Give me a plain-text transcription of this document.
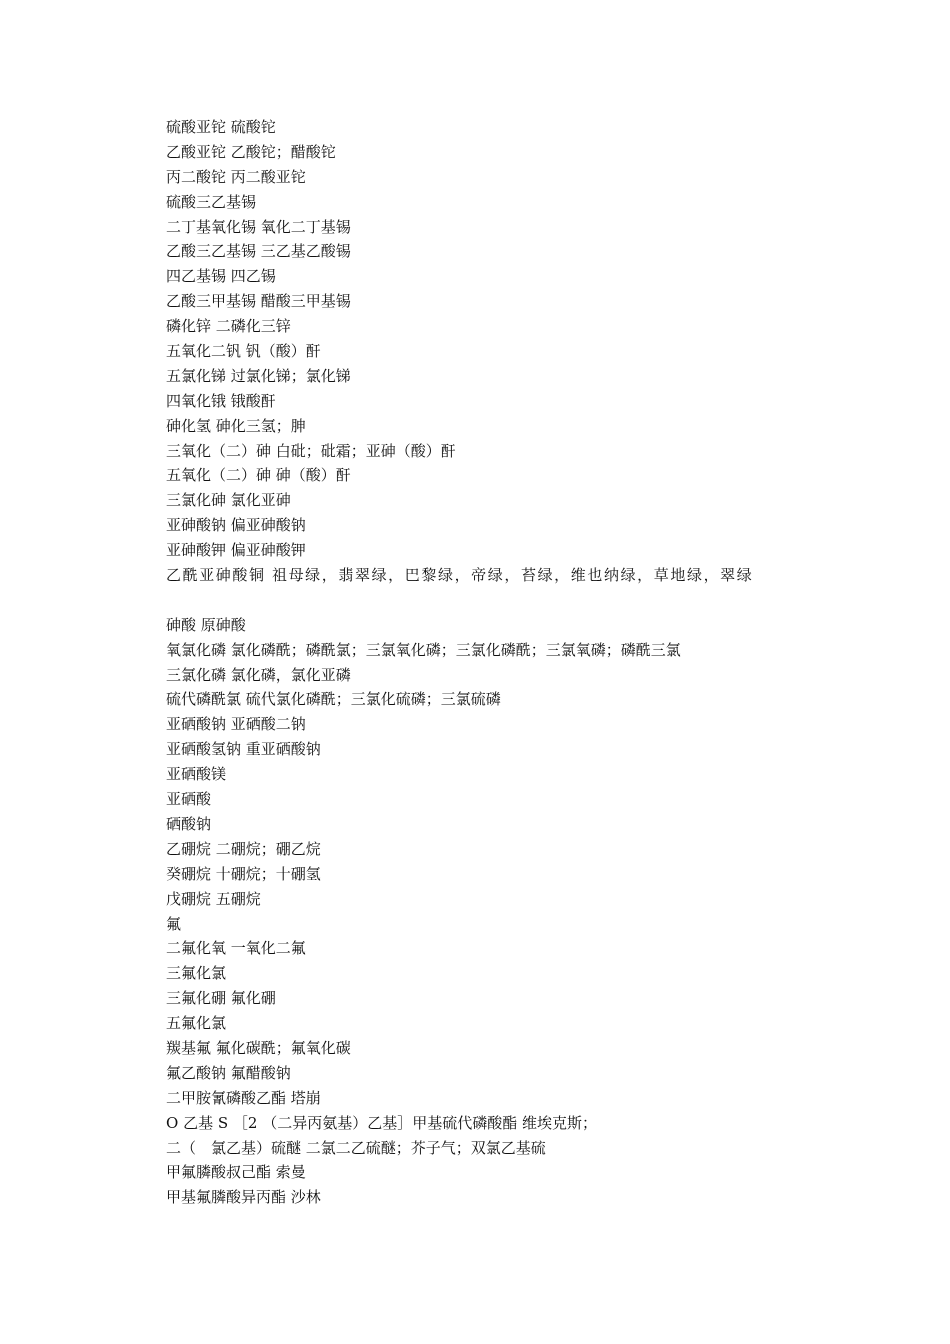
硫酸亚铊 硫酸铊
乙酸亚铊 乙酸铊；醋酸铊
丙二酸铊 丙二酸亚铊
硫酸三乙基锡
二丁基氧化锡 氧化二丁基锡
乙酸三乙基锡 三乙基乙酸锡
四乙基锡 四乙锡
乙酸三甲基锡 醋酸三甲基锡
磷化锌 二磷化三锌
五氧化二钒 钒（酸）酐
五氯化锑 过氯化锑；氯化锑
四氧化锇 锇酸酐
砷化氢 砷化三氢；胂
三氧化（二）砷 白砒；砒霜；亚砷（酸）酐
五氧化（二）砷 砷（酸）酐
三氯化砷 氯化亚砷
亚砷酸钠 偏亚砷酸钠
亚砷酸钾 偏亚砷酸钾
乙酰亚砷酸铜 祖母绿，翡翠绿，巴黎绿，帝绿，苔绿，维也纳绿，草地绿，翠绿
砷酸 原砷酸
氧氯化磷 氯化磷酰；磷酰氯；三氯氧化磷；三氯化磷酰；三氯氧磷；磷酰三氯
三氯化磷 氯化磷，氯化亚磷
硫代磷酰氯 硫代氯化磷酰；三氯化硫磷；三氯硫磷
亚硒酸钠 亚硒酸二钠
亚硒酸氢钠 重亚硒酸钠
亚硒酸镁
亚硒酸
硒酸钠
乙硼烷 二硼烷；硼乙烷
癸硼烷 十硼烷；十硼氢
戊硼烷 五硼烷
氟
二氟化氧 一氧化二氟
三氟化氯
三氟化硼 氟化硼
五氟化氯
羰基氟 氟化碳酰；氟氧化碳
氟乙酸钠 氟醋酸钠
二甲胺氰磷酸乙酯 塔崩
O 乙基 S ［2 （二异丙氨基）乙基］甲基硫代磷酸酯 维埃克斯；
二（　氯乙基）硫醚 二氯二乙硫醚；芥子气；双氯乙基硫
甲氟膦酸叔己酯 索曼
甲基氟膦酸异丙酯 沙林
